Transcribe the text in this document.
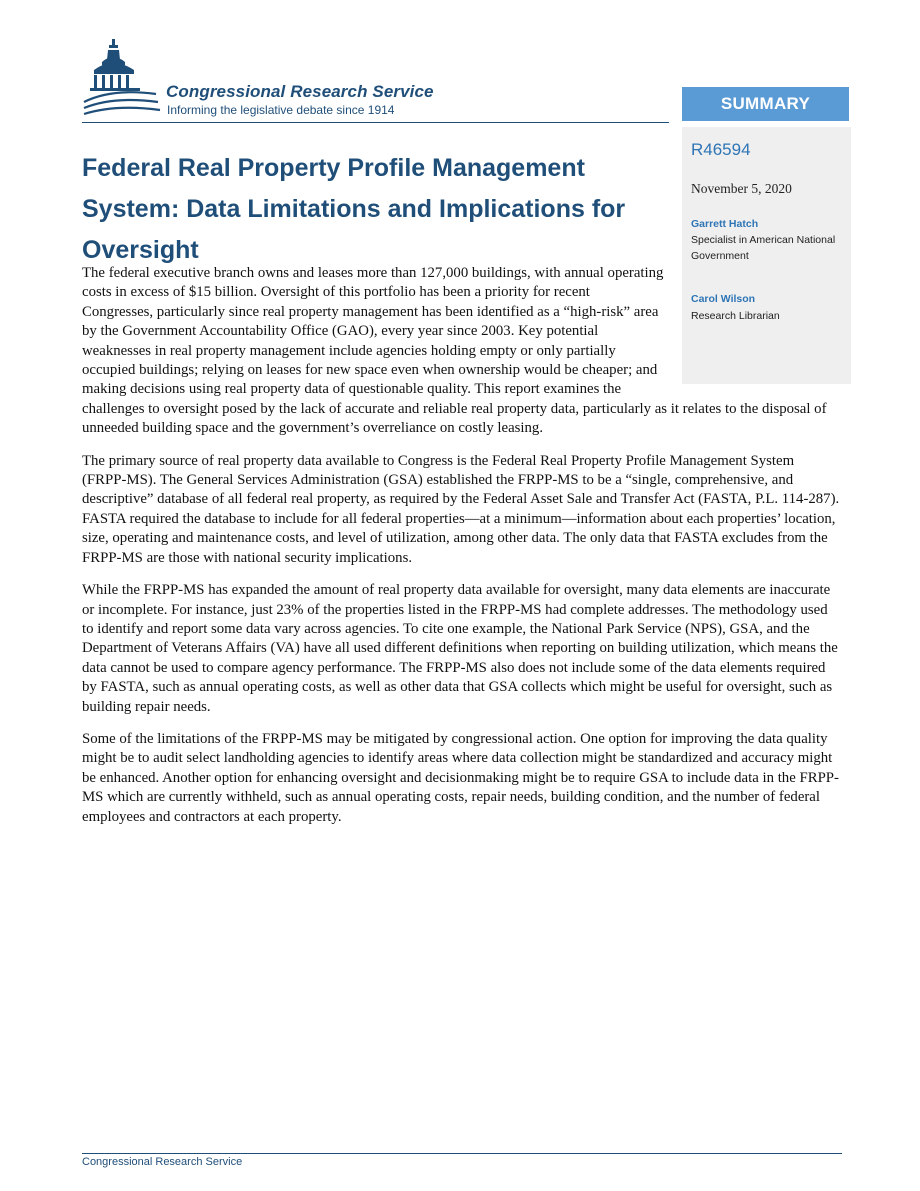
Congressional Research Service
Informing the legislative debate since 1914	SUMMARY
R46594
November 5, 2020
Garrett Hatch
Specialist in American National Government
Carol Wilson
Research Librarian
Federal Real Property Profile Management System: Data Limitations and Implications for Oversight

The federal executive branch owns and leases more than 127,000 buildings, with annual operating costs in excess of $15 billion. Oversight of this portfolio has been a priority for recent Congresses, particularly since real property management has been identified as a “high-risk” area by the Government Accountability Office (GAO), every year since 2003. Key potential weaknesses in real property management include agencies holding empty or only partially occupied buildings; relying on leases for new space even when ownership would be cheaper; and making decisions using real property data of questionable quality. This report examines the challenges to oversight posed by the lack of accurate and reliable real property data, particularly as it relates to the disposal of unneeded building space and the government’s overreliance on costly leasing.

The primary source of real property data available to Congress is the Federal Real Property Profile Management System (FRPP-MS). The General Services Administration (GSA) established the FRPP-MS to be a “single, comprehensive, and descriptive” database of all federal real property, as required by the Federal Asset Sale and Transfer Act (FASTA, P.L. 114-287). FASTA required the database to include for all federal properties—at a minimum—information about each properties’ location, size, operating and maintenance costs, and level of utilization, among other data. The only data that FASTA excludes from the FRPP-MS are those with national security implications.

While the FRPP-MS has expanded the amount of real property data available for oversight, many data elements are inaccurate or incomplete. For instance, just 23% of the properties listed in the FRPP-MS had complete addresses. The methodology used to identify and report some data vary across agencies. To cite one example, the National Park Service (NPS), GSA, and the Department of Veterans Affairs (VA) have all used different definitions when reporting on building utilization, which means the data cannot be used to compare agency performance. The FRPP-MS also does not include some of the data elements required by FASTA, such as annual operating costs, as well as other data that GSA collects which might be useful for oversight, such as building repair needs.

Some of the limitations of the FRPP-MS may be mitigated by congressional action. One option for improving the data quality might be to audit select landholding agencies to identify areas where data collection might be standardized and accuracy might be enhanced. Another option for enhancing oversight and decisionmaking might be to require GSA to include data in the FRPP-MS which are currently withheld, such as annual operating costs, repair needs, building condition, and the number of federal employees and contractors at each property.

Congressional Research Service
